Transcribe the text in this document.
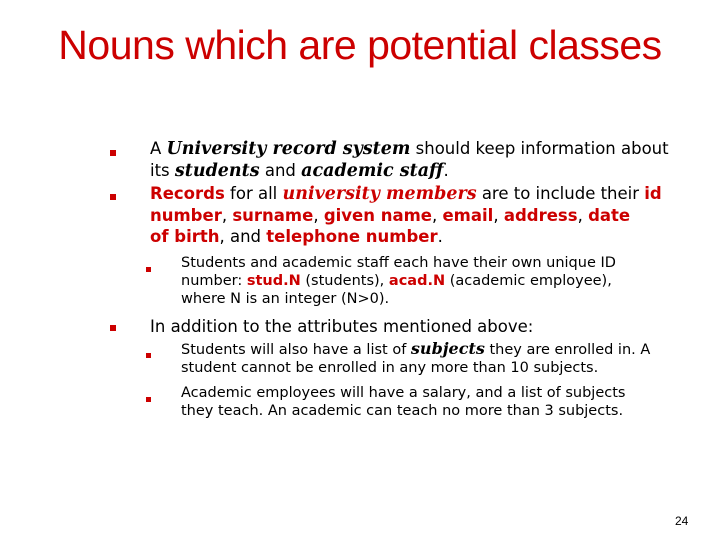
Nouns which are potential classes
A University record system should keep information about
its students and academic staff.
Records for all university members are to include their id
number, surname, given name, email, address, date
of birth, and telephone number.
Students and academic staff each have their own unique ID
number: stud.N (students), acad.N (academic employee),
where N is an integer (N>0).
In addition to the attributes mentioned above:
Students will also have a list of subjects they are enrolled in. A
student cannot be enrolled in any more than 10 subjects.
Academic employees will have a salary, and a list of subjects
they teach. An academic can teach no more than 3 subjects.
24
